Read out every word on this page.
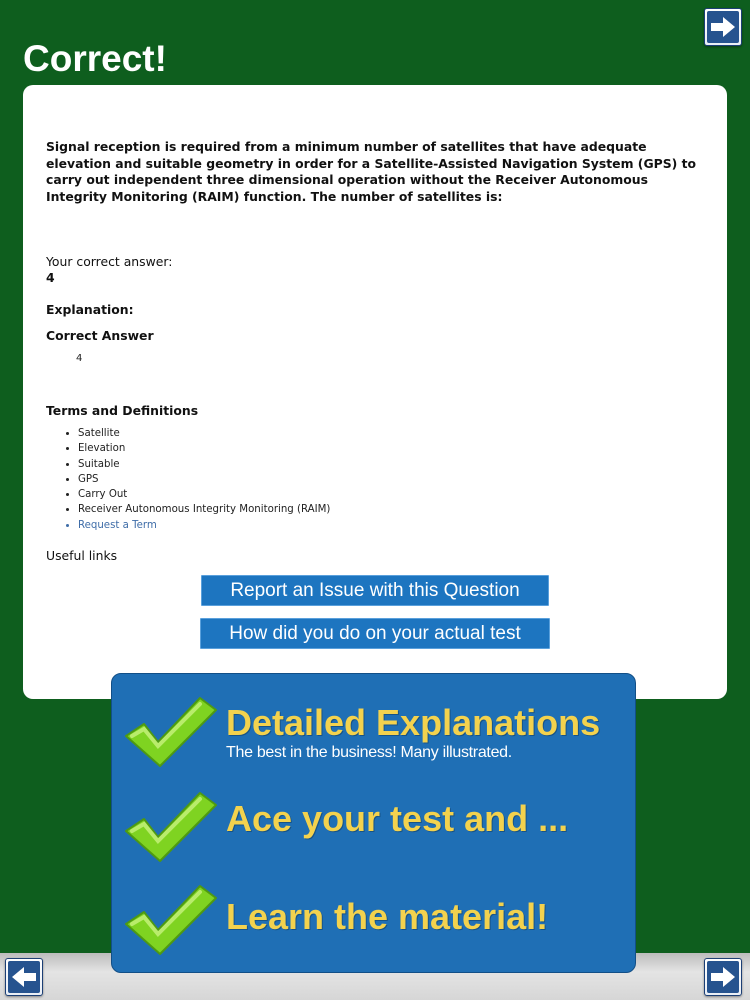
Correct!

Signal reception is required from a minimum number of satellites that have adequate elevation and suitable geometry in order for a Satellite-Assisted Navigation System (GPS) to carry out independent three dimensional operation without the Receiver Autonomous Integrity Monitoring (RAIM) function. The number of satellites is:

Your correct answer:

4

Explanation:

Correct Answer

4

Terms and Definitions

• Satellite
• Elevation
• Suitable
• GPS
• Carry Out
• Receiver Autonomous Integrity Monitoring (RAIM)
• Request a Term

Useful links

Report an Issue with this Question
How did you do on your actual test

Detailed Explanations

The best in the business! Many illustrated.

Ace your test and ...

Learn the material!
